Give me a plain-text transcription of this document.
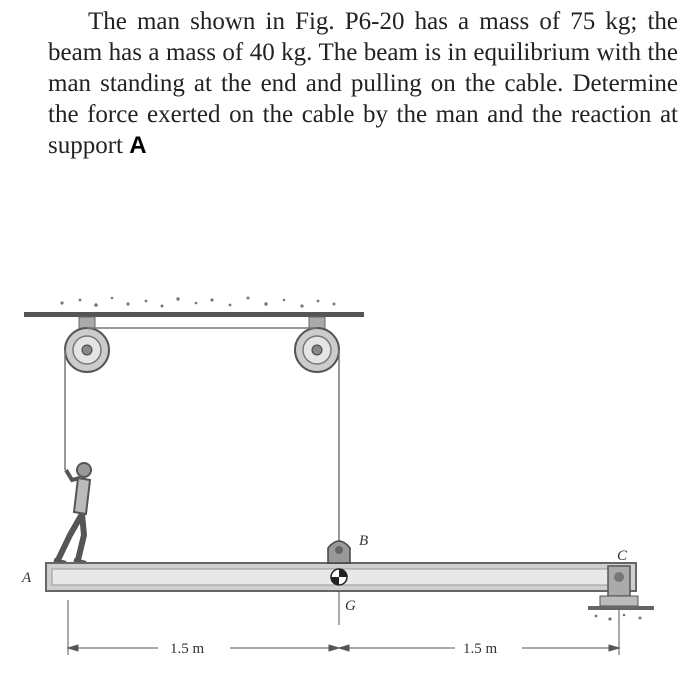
The man shown in Fig. P6-20 has a mass of 75 kg; the beam has a mass of 40 kg. The beam is in equilibrium with the man standing at the end and pulling on the cable. Determine the force exerted on the cable by the man and the reaction at support A

A
B
C
G
1.5 m	1.5 m
